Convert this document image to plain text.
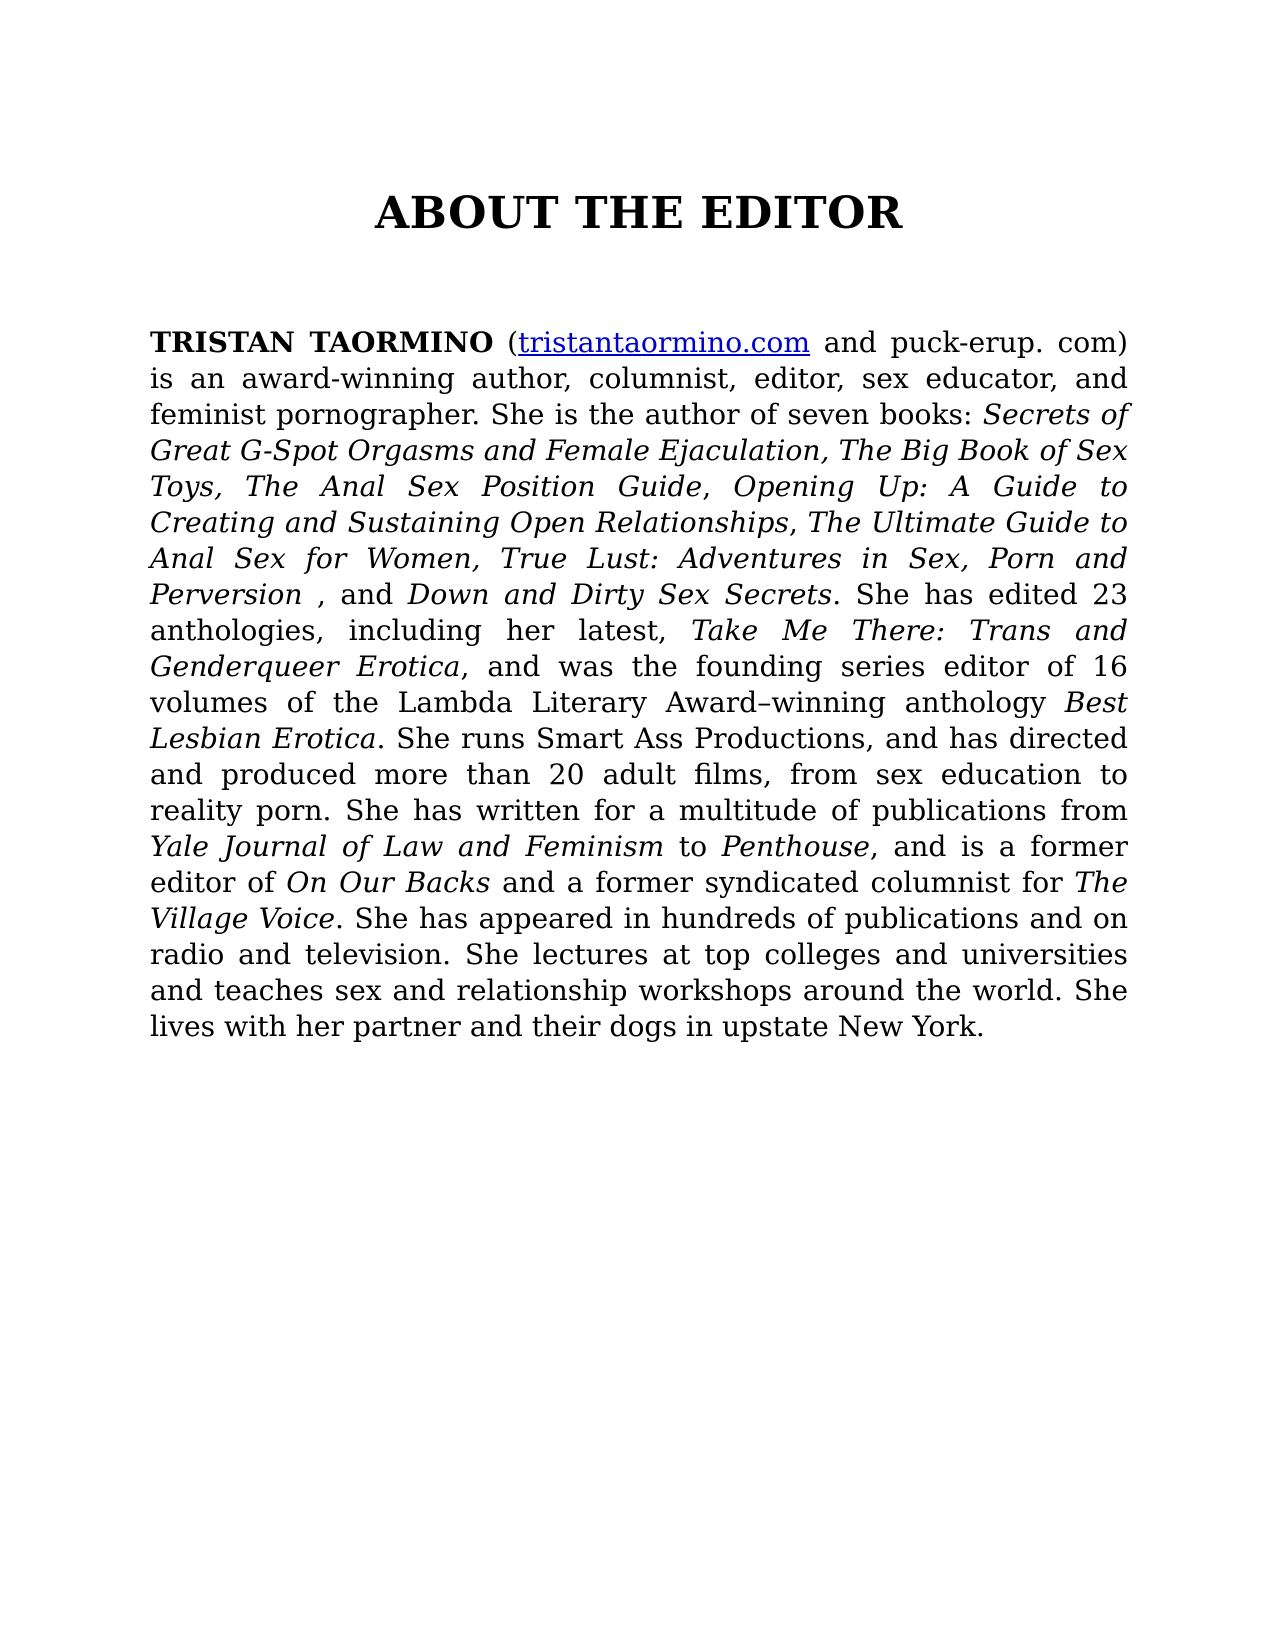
ABOUT THE EDITOR

TRISTAN TAORMINO (tristantaormino.com and puck-erup. com) is an award-winning author, columnist, editor, sex educator, and feminist pornographer. She is the author of seven books: Secrets of Great G-Spot Orgasms and Female Ejaculation, The Big Book of Sex Toys, The Anal Sex Position Guide, Opening Up: A Guide to Creating and Sustaining Open Relationships, The Ultimate Guide to Anal Sex for Women, True Lust: Adventures in Sex, Porn and Perversion , and Down and Dirty Sex Secrets. She has edited 23 anthologies, including her latest, Take Me There: Trans and Genderqueer Erotica, and was the founding series editor of 16 volumes of the Lambda Literary Award–winning anthology Best Lesbian Erotica. She runs Smart Ass Productions, and has directed and produced more than 20 adult films, from sex education to reality porn. She has written for a multitude of publications from Yale Journal of Law and Feminism to Penthouse, and is a former editor of On Our Backs and a former syndicated columnist for The Village Voice. She has appeared in hundreds of publications and on radio and television. She lectures at top colleges and universities and teaches sex and relationship workshops around the world. She lives with her partner and their dogs in upstate New York.
